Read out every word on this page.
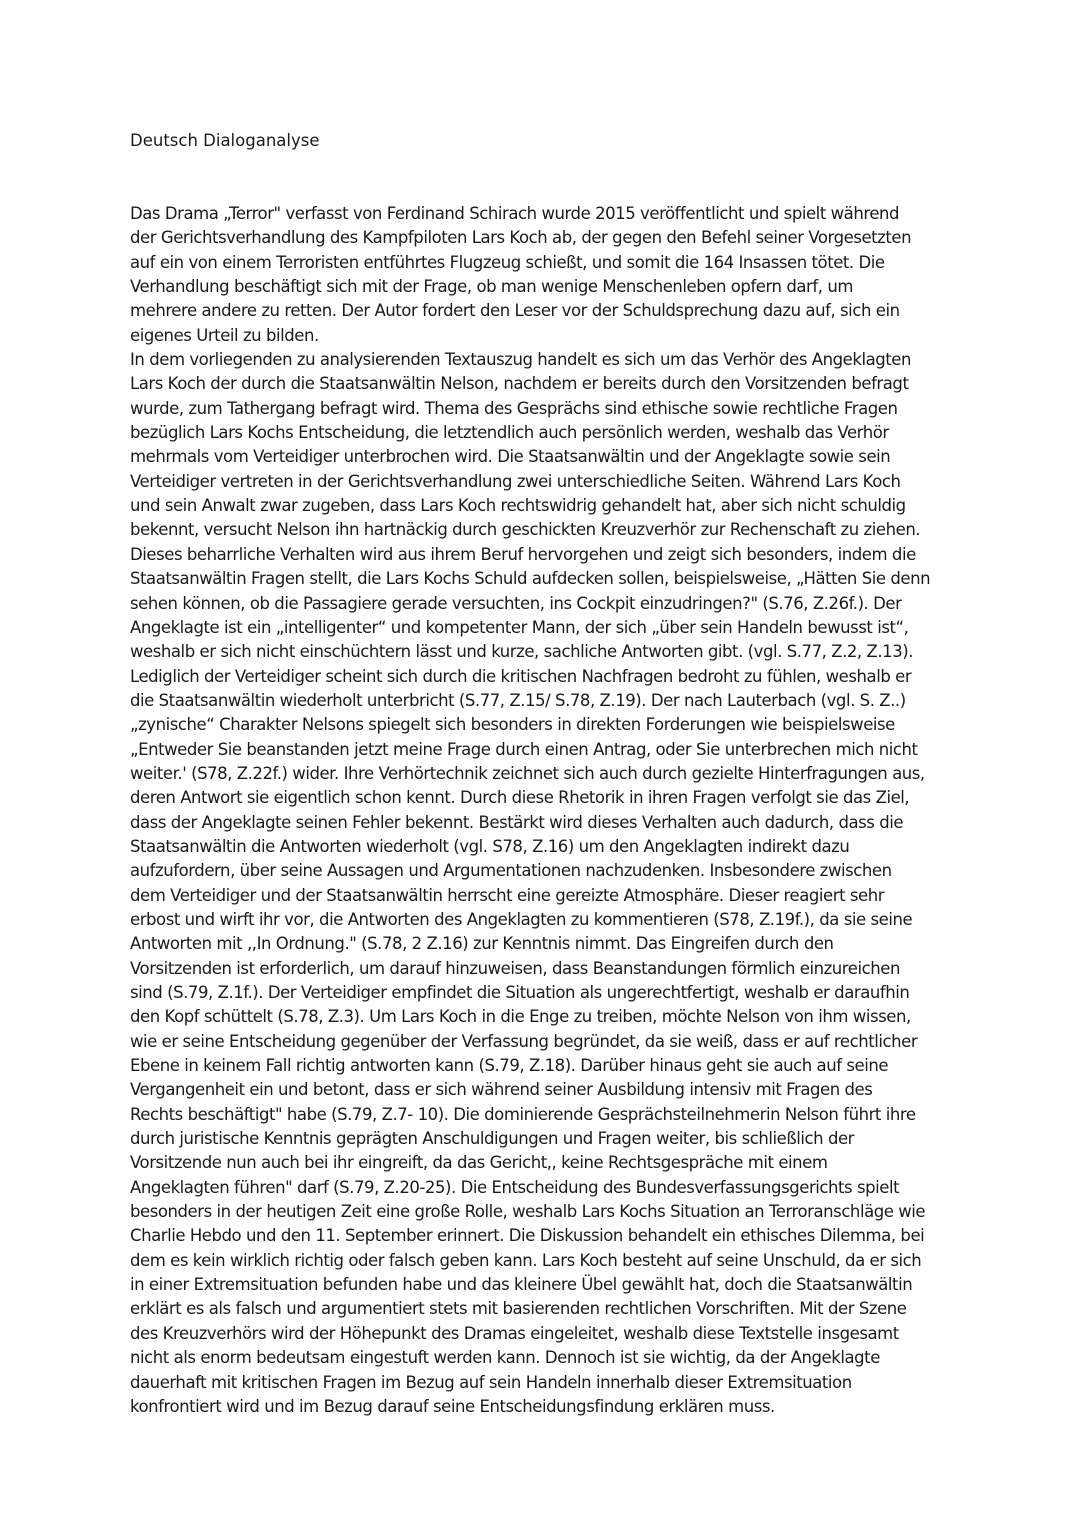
Deutsch Dialoganalyse
Das Drama „Terror" verfasst von Ferdinand Schirach wurde 2015 veröffentlicht und spielt während
der Gerichtsverhandlung des Kampfpiloten Lars Koch ab, der gegen den Befehl seiner Vorgesetzten
auf ein von einem Terroristen entführtes Flugzeug schießt, und somit die 164 Insassen tötet. Die
Verhandlung beschäftigt sich mit der Frage, ob man wenige Menschenleben opfern darf, um
mehrere andere zu retten. Der Autor fordert den Leser vor der Schuldsprechung dazu auf, sich ein
eigenes Urteil zu bilden.
In dem vorliegenden zu analysierenden Textauszug handelt es sich um das Verhör des Angeklagten
Lars Koch der durch die Staatsanwältin Nelson, nachdem er bereits durch den Vorsitzenden befragt
wurde, zum Tathergang befragt wird. Thema des Gesprächs sind ethische sowie rechtliche Fragen
bezüglich Lars Kochs Entscheidung, die letztendlich auch persönlich werden, weshalb das Verhör
mehrmals vom Verteidiger unterbrochen wird. Die Staatsanwältin und der Angeklagte sowie sein
Verteidiger vertreten in der Gerichtsverhandlung zwei unterschiedliche Seiten. Während Lars Koch
und sein Anwalt zwar zugeben, dass Lars Koch rechtswidrig gehandelt hat, aber sich nicht schuldig
bekennt, versucht Nelson ihn hartnäckig durch geschickten Kreuzverhör zur Rechenschaft zu ziehen.
Dieses beharrliche Verhalten wird aus ihrem Beruf hervorgehen und zeigt sich besonders, indem die
Staatsanwältin Fragen stellt, die Lars Kochs Schuld aufdecken sollen, beispielsweise, „Hätten Sie denn
sehen können, ob die Passagiere gerade versuchten, ins Cockpit einzudringen?" (S.76, Z.26f.). Der
Angeklagte ist ein „intelligenter“ und kompetenter Mann, der sich „über sein Handeln bewusst ist“,
weshalb er sich nicht einschüchtern lässt und kurze, sachliche Antworten gibt. (vgl. S.77, Z.2, Z.13).
Lediglich der Verteidiger scheint sich durch die kritischen Nachfragen bedroht zu fühlen, weshalb er
die Staatsanwältin wiederholt unterbricht (S.77, Z.15/ S.78, Z.19). Der nach Lauterbach (vgl. S. Z..)
„zynische“ Charakter Nelsons spiegelt sich besonders in direkten Forderungen wie beispielsweise
„Entweder Sie beanstanden jetzt meine Frage durch einen Antrag, oder Sie unterbrechen mich nicht
weiter.' (S78, Z.22f.) wider. Ihre Verhörtechnik zeichnet sich auch durch gezielte Hinterfragungen aus,
deren Antwort sie eigentlich schon kennt. Durch diese Rhetorik in ihren Fragen verfolgt sie das Ziel,
dass der Angeklagte seinen Fehler bekennt. Bestärkt wird dieses Verhalten auch dadurch, dass die
Staatsanwältin die Antworten wiederholt (vgl. S78, Z.16) um den Angeklagten indirekt dazu
aufzufordern, über seine Aussagen und Argumentationen nachzudenken. Insbesondere zwischen
dem Verteidiger und der Staatsanwältin herrscht eine gereizte Atmosphäre. Dieser reagiert sehr
erbost und wirft ihr vor, die Antworten des Angeklagten zu kommentieren (S78, Z.19f.), da sie seine
Antworten mit ,,In Ordnung." (S.78, 2 Z.16) zur Kenntnis nimmt. Das Eingreifen durch den
Vorsitzenden ist erforderlich, um darauf hinzuweisen, dass Beanstandungen förmlich einzureichen
sind (S.79, Z.1f.). Der Verteidiger empfindet die Situation als ungerechtfertigt, weshalb er daraufhin
den Kopf schüttelt (S.78, Z.3). Um Lars Koch in die Enge zu treiben, möchte Nelson von ihm wissen,
wie er seine Entscheidung gegenüber der Verfassung begründet, da sie weiß, dass er auf rechtlicher
Ebene in keinem Fall richtig antworten kann (S.79, Z.18). Darüber hinaus geht sie auch auf seine
Vergangenheit ein und betont, dass er sich während seiner Ausbildung intensiv mit Fragen des
Rechts beschäftigt" habe (S.79, Z.7- 10). Die dominierende Gesprächsteilnehmerin Nelson führt ihre
durch juristische Kenntnis geprägten Anschuldigungen und Fragen weiter, bis schließlich der
Vorsitzende nun auch bei ihr eingreift, da das Gericht,, keine Rechtsgespräche mit einem
Angeklagten führen" darf (S.79, Z.20-25). Die Entscheidung des Bundesverfassungsgerichts spielt
besonders in der heutigen Zeit eine große Rolle, weshalb Lars Kochs Situation an Terroranschläge wie
Charlie Hebdo und den 11. September erinnert. Die Diskussion behandelt ein ethisches Dilemma, bei
dem es kein wirklich richtig oder falsch geben kann. Lars Koch besteht auf seine Unschuld, da er sich
in einer Extremsituation befunden habe und das kleinere Übel gewählt hat, doch die Staatsanwältin
erklärt es als falsch und argumentiert stets mit basierenden rechtlichen Vorschriften. Mit der Szene
des Kreuzverhörs wird der Höhepunkt des Dramas eingeleitet, weshalb diese Textstelle insgesamt
nicht als enorm bedeutsam eingestuft werden kann. Dennoch ist sie wichtig, da der Angeklagte
dauerhaft mit kritischen Fragen im Bezug auf sein Handeln innerhalb dieser Extremsituation
konfrontiert wird und im Bezug darauf seine Entscheidungsfindung erklären muss.
